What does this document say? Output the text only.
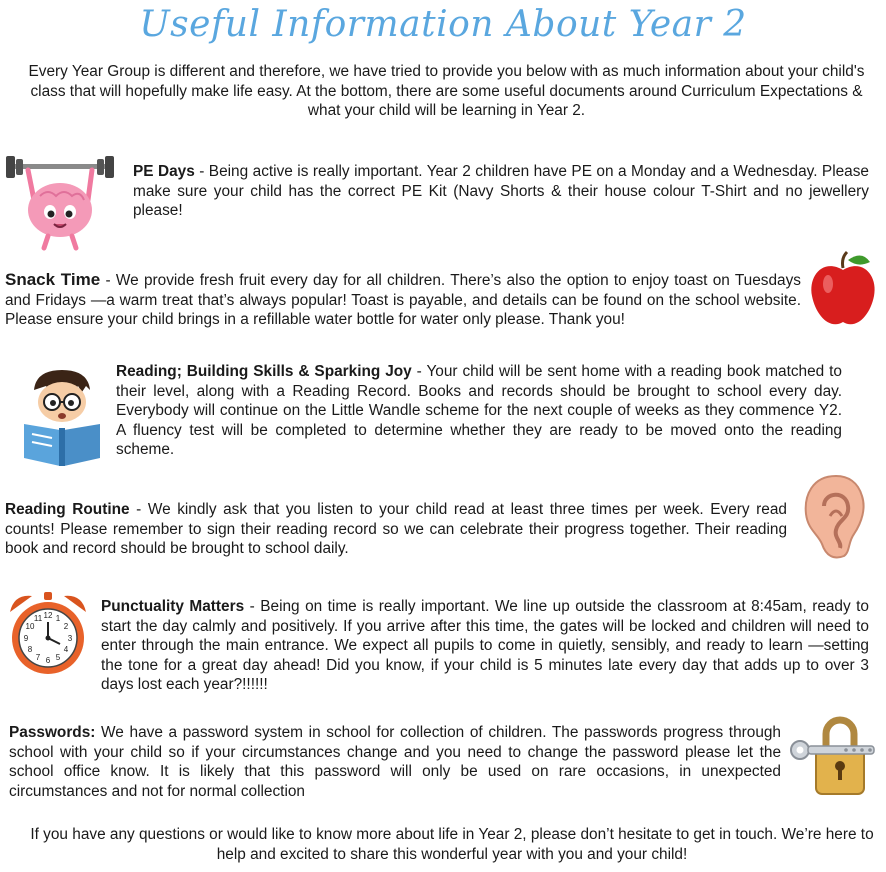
Useful Information About Year 2
Every Year Group is different and therefore, we have tried to provide you below with as much information about your child's class that will hopefully make life easy. At the bottom, there are some useful documents around Curriculum Expectations & what your child will be learning in Year 2.
PE Days - Being active is really important. Year 2 children have PE on a Monday and a Wednesday. Please make sure your child has the correct PE Kit (Navy Shorts & their house colour T-Shirt and no jewellery please!
Snack Time - We provide fresh fruit every day for all children. There’s also the option to enjoy toast on Tuesdays and Fridays —a warm treat that’s always popular! Toast is payable, and details can be found on the school website. Please ensure your child brings in a refillable water bottle for water only please. Thank you!
Reading; Building Skills & Sparking Joy - Your child will be sent home with a reading book matched to their level, along with a Reading Record. Books and records should be brought to school every day. Everybody will continue on the Little Wandle scheme for the next couple of weeks as they commence Y2. A fluency test will be completed to determine whether they are ready to be moved onto the reading scheme.
Reading Routine - We kindly ask that you listen to your child read at least three times per week. Every read counts! Please remember to sign their reading record so we can celebrate their progress together. Their reading book and record should be brought to school daily.
12 1
2
3
4
5
6
7
8
9
10
11
Punctuality Matters - Being on time is really important. We line up outside the classroom at 8:45am, ready to start the day calmly and positively. If you arrive after this time, the gates will be locked and children will need to enter through the main entrance. We expect all pupils to come in quietly, sensibly, and ready to learn —setting the tone for a great day ahead! Did you know, if your child is 5 minutes late every day that adds up to over 3 days lost each year?!!!!!!
Passwords: We have a password system in school for collection of children. The passwords progress through school with your child so if your circumstances change and you need to change the password please let the school office know. It is likely that this password will only be used on rare occasions, in unexpected circumstances and not for normal collection
If you have any questions or would like to know more about life in Year 2, please don’t hesitate to get in touch. We’re here to help and excited to share this wonderful year with you and your child!
